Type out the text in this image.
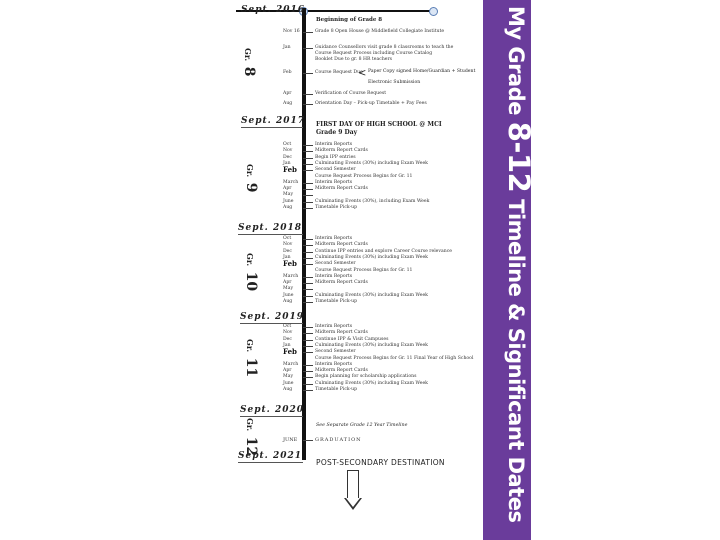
My Grade 8-12 Timeline & Significant Dates
Sept. 2016
Sept. 2017
Sept. 2018
Sept. 2019
Sept. 2020
Sept. 2021
Gr. 8
Gr. 9
Gr. 10
Gr. 11
Gr. 12
Beginning of Grade 8
Nov 16	Grade 8 Open House @ Middlefield Collegiate Institute
Jan	Guidance Counsellors visit grade 8 classrooms to teach the
Course Request Process including Course Catalog
Booklet Due to gr. 8 HR teachers
Feb	Course Request Due
< Paper Copy signed Home/Guardian + Student
Electronic Submission
Apr	Verification of Course Request
Aug	Orientation Day – Pick-up Timetable + Pay Fees
FIRST DAY OF HIGH SCHOOL @ MCI
Grade 9 Day
Oct	Interim Reports
Nov	Midterm Report Cards
Dec	Begin IPP entries
Jan	Culminating Events (30%) including Exam Week
Feb	Second Semester
Course Request Process Begins for Gr. 11
March	Interim Reports
Apr	Midterm Report Cards
May
June	Culminating Events (30%), including Exam Week
Aug	Timetable Pick-up
Oct	Interim Reports
Nov	Midterm Report Cards
Dec	Continue IPP entries and explore Career Course relevance
Jan	Culminating Events (30%) including Exam Week
Feb	Second Semester
Course Request Process Begins for Gr. 11
March	Interim Reports
Apr	Midterm Report Cards
May
June	Culminating Events (30%) including Exam Week
Aug	Timetable Pick-up
Oct	Interim Reports
Nov	Midterm Report Cards
Dec	Continue IPP & Visit Campuses
Jan	Culminating Events (30%) including Exam Week
Feb	Second Semester
Course Request Process Begins for Gr. 11 Final Year of High School
March	Interim Reports
Apr	Midterm Report Cards
May	Begin planning for scholarship applications
June	Culminating Events (30%) including Exam Week
Aug	Timetable Pick-up
See Separate Grade 12 Year Timeline
JUNE	GRADUATION
POST-SECONDARY DESTINATION
